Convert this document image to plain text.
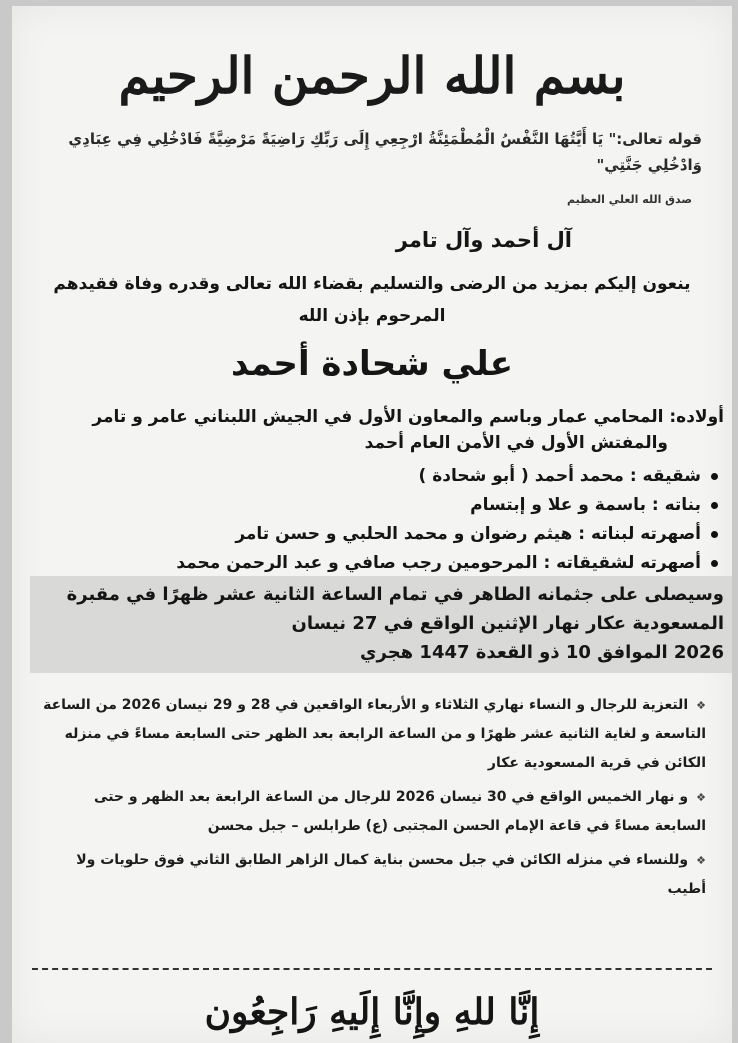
بسم الله الرحمن الرحيم
قوله تعالى:" يَا أَيَّتُهَا النَّفْسُ الْمُطْمَئِنَّةُ ارْجِعِي إِلَى رَبِّكِ رَاضِيَةً مَرْضِيَّةً فَادْخُلِي فِي عِبَادِي وَادْخُلِي جَنَّتِي"
صدق الله العلي العظيم
آل أحمد وآل تامر
ينعون إليكم بمزيد من الرضى والتسليم بقضاء الله تعالى وقدره وفاة فقيدهم
المرحوم بإذن الله
علي شحادة أحمد
أولاده: المحامي عمار وباسم والمعاون الأول في الجيش اللبناني عامر و تامر
والمفتش الأول في الأمن العام أحمد
شقيقه : محمد أحمد ( أبو شحادة )
بناته : باسمة و علا و إبتسام
أصهرته لبناته : هيثم رضوان و محمد الحلبي و حسن تامر
أصهرته لشقيقاته : المرحومين رجب صافي و عبد الرحمن محمد
وسيصلى على جثمانه الطاهر في تمام الساعة الثانية عشر ظهرًا في مقبرة
المسعودية عكار نهار الإثنين الواقع في 27 نيسان
2026 الموافق 10 ذو القعدة 1447 هجري

❖التعزية للرجال و النساء نهاري الثلاثاء و الأربعاء الواقعين في 28 و 29 نيسان 2026 من الساعة التاسعة و لغاية الثانية عشر ظهرًا و من الساعة الرابعة بعد الظهر حتى السابعة مساءً في منزله الكائن في قرية المسعودية عكار

❖و نهار الخميس الواقع في 30 نيسان 2026 للرجال من الساعة الرابعة بعد الظهر و حتى السابعة مساءً في قاعة الإمام الحسن المجتبى (ع) طرابلس – جبل محسن

❖وللنساء في منزله الكائن في جبل محسن بناية كمال الزاهر الطابق الثاني فوق حلويات ولا أطيب

إِنَّا للهِ وإِنَّا إِلَيهِ رَاجِعُون
